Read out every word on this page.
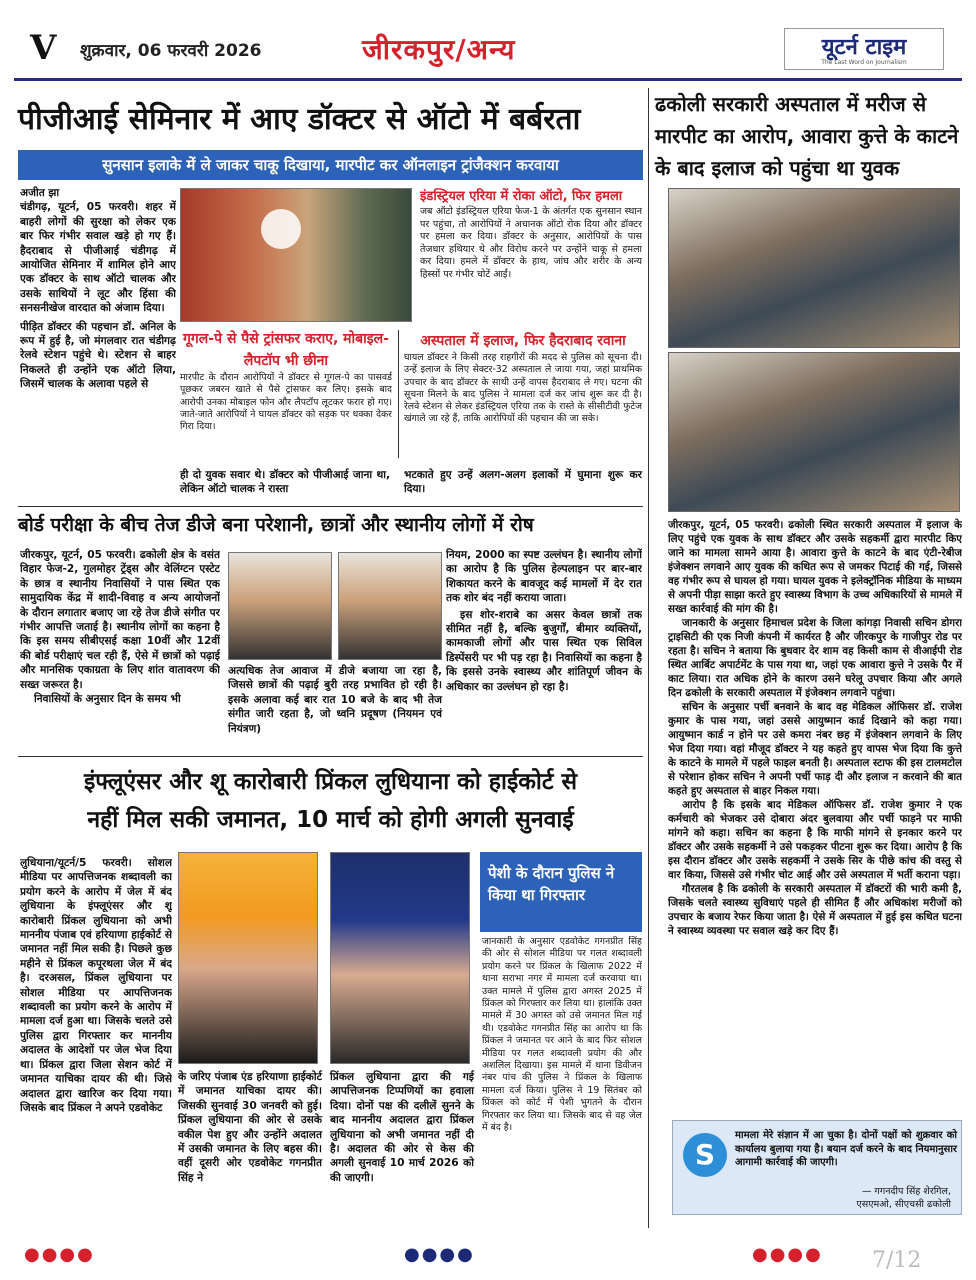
V शुक्रवार, 06 फरवरी 2026	जीरकपुर/अन्य	यूटर्न टाइम
The Last Word on Journalism
पीजीआई सेमिनार में आए डॉक्टर से ऑटो में बर्बरता
सुनसान इलाके में ले जाकर चाकू दिखाया, मारपीट कर ऑनलाइन ट्रांजैक्शन करवाया
अजीत झा
चंडीगढ़, यूटर्न, 05 फरवरी। शहर में बाहरी लोगों की सुरक्षा को लेकर एक बार फिर गंभीर सवाल खड़े हो गए हैं। हैदराबाद से पीजीआई चंडीगढ़ में आयोजित सेमिनार में शामिल होने आए एक डॉक्टर के साथ ऑटो चालक और उसके साथियों ने लूट और हिंसा की सनसनीखेज वारदात को अंजाम दिया।
पीड़ित डॉक्टर की पहचान डॉ. अनिल के रूप में हुई है, जो मंगलवार रात चंडीगढ़ रेलवे स्टेशन पहुंचे थे। स्टेशन से बाहर निकलते ही उन्होंने एक ऑटो लिया, जिसमें चालक के अलावा पहले से
इंडस्ट्रियल एरिया में रोका ऑटो, फिर हमला
जब ऑटो इंडस्ट्रियल एरिया फेज-1 के अंतर्गत एक सुनसान स्थान पर पहुंचा, तो आरोपियों ने अचानक ऑटो रोक दिया और डॉक्टर पर हमला कर दिया। डॉक्टर के अनुसार, आरोपियों के पास तेजधार हथियार थे और विरोध करने पर उन्होंने चाकू से हमला कर दिया। हमले में डॉक्टर के हाथ, जांघ और शरीर के अन्य हिस्सों पर गंभीर चोटें आईं।
गूगल-पे से पैसे ट्रांसफर कराए, मोबाइल-लैपटॉप भी छीना
मारपीट के दौरान आरोपियों ने डॉक्टर से गूगल-पे का पासवर्ड पूछकर जबरन खाते से पैसे ट्रांसफर कर लिए। इसके बाद आरोपी उनका मोबाइल फोन और लैपटॉप लूटकर फरार हो गए। जाते-जाते आरोपियों ने घायल डॉक्टर को सड़क पर धक्का देकर गिरा दिया।
अस्पताल में इलाज, फिर हैदराबाद रवाना
घायल डॉक्टर ने किसी तरह राहगीरों की मदद से पुलिस को सूचना दी। उन्हें इलाज के लिए सेक्टर-32 अस्पताल ले जाया गया, जहां प्राथमिक उपचार के बाद डॉक्टर के साथी उन्हें वापस हैदराबाद ले गए। घटना की सूचना मिलने के बाद पुलिस ने मामला दर्ज कर जांच शुरू कर दी है। रेलवे स्टेशन से लेकर इंडस्ट्रियल एरिया तक के रास्ते के सीसीटीवी फुटेज खंगाले जा रहे हैं, ताकि आरोपियों की पहचान की जा सके।
ही दो युवक सवार थे। डॉक्टर को पीजीआई जाना था, लेकिन ऑटो चालक ने रास्ता
भटकाते हुए उन्हें अलग-अलग इलाकों में घुमाना शुरू कर दिया।
बोर्ड परीक्षा के बीच तेज डीजे बना परेशानी, छात्रों और स्थानीय लोगों में रोष
जीरकपुर, यूटर्न, 05 फरवरी। ढकोली क्षेत्र के वसंत विहार फेज-2, गुलमोहर ट्रेंड्स और वेलिंग्टन एस्टेट के छात्र व स्थानीय निवासियों ने पास स्थित एक सामुदायिक केंद्र में शादी-विवाह व अन्य आयोजनों के दौरान लगातार बजाए जा रहे तेज डीजे संगीत पर गंभीर आपत्ति जताई है। स्थानीय लोगों का कहना है कि इस समय सीबीएसई कक्षा 10वीं और 12वीं की बोर्ड परीक्षाएं चल रही हैं, ऐसे में छात्रों को पढ़ाई और मानसिक एकाग्रता के लिए शांत वातावरण की सख्त जरूरत है।
निवासियों के अनुसार दिन के समय भी
अत्यधिक तेज आवाज में डीजे बजाया जा रहा है, जिससे छात्रों की पढ़ाई बुरी तरह प्रभावित हो रही है। इसके अलावा कई बार रात 10 बजे के बाद भी तेज संगीत जारी रहता है, जो ध्वनि प्रदूषण (नियमन एवं नियंत्रण)
नियम, 2000 का स्पष्ट उल्लंघन है। स्थानीय लोगों का आरोप है कि पुलिस हेल्पलाइन पर बार-बार शिकायत करने के बावजूद कई मामलों में देर रात तक शोर बंद नहीं कराया जाता।
इस शोर-शराबे का असर केवल छात्रों तक सीमित नहीं है, बल्कि बुजुर्गों, बीमार व्यक्तियों, कामकाजी लोगों और पास स्थित एक सिविल डिस्पेंसरी पर भी पड़ रहा है। निवासियों का कहना है कि इससे उनके स्वास्थ्य और शांतिपूर्ण जीवन के अधिकार का उल्लंघन हो रहा है।
इंफ्लूएंसर और शू कारोबारी प्रिंकल लुधियाना को हाईकोर्ट से
नहीं मिल सकी जमानत, 10 मार्च को होगी अगली सुनवाई
लुधियाना/यूटर्न/5 फरवरी। सोशल मीडिया पर आपत्तिजनक शब्दावली का प्रयोग करने के आरोप में जेल में बंद लुधियाना के इंफ्लूएंसर और शू कारोबारी प्रिंकल लुधियाना को अभी माननीय पंजाब एवं हरियाणा हाईकोर्ट से जमानत नहीं मिल सकी है। पिछले कुछ महीने से प्रिंकल कपूरथला जेल में बंद है। दरअसल, प्रिंकल लुधियाना पर सोशल मीडिया पर आपत्तिजनक शब्दावली का प्रयोग करने के आरोप में मामला दर्ज हुआ था। जिसके चलते उसे पुलिस द्वारा गिरफ्तार कर माननीय अदालत के आदेशों पर जेल भेज दिया था। प्रिंकल द्वारा जिला सेशन कोर्ट में जमानत याचिका दायर की थी। जिसे अदालत द्वारा खारिज कर दिया गया। जिसके बाद प्रिंकल ने अपने एडवोकेट
के जरिए पंजाब एंड हरियाणा हाईकोर्ट में जमानत याचिका दायर की। जिसकी सुनवाई 30 जनवरी को हुई। प्रिंकल लुधियाना की ओर से उसके वकील पेश हुए और उन्होंने अदालत में उसकी जमानत के लिए बहस की। वहीं दूसरी ओर एडवोकेट गगनप्रीत सिंह ने
प्रिंकल लुधियाना द्वारा की गई आपत्तिजनक टिप्पणियों का हवाला दिया। दोनों पक्ष की दलीलें सुनने के बाद माननीय अदालत द्वारा प्रिंकल लुधियाना को अभी जमानत नहीं दी है। अदालत की ओर से केस की अगली सुनवाई 10 मार्च 2026 को की जाएगी।
पेशी के दौरान पुलिस ने किया था गिरफ्तार
जानकारी के अनुसार एडवोकेट गगनप्रीत सिंह की ओर से सोशल मीडिया पर गलत शब्दावली प्रयोग करने पर प्रिंकल के खिलाफ 2022 में थाना सराभा नगर में मामला दर्ज करवाया था। उक्त मामले में पुलिस द्वारा अगस्त 2025 में प्रिंकल को गिरफ्तार कर लिया था। हालांकि उक्त मामले में 30 अगस्त को उसे जमानत मिल गई थी। एडवोकेट गगनप्रीत सिंह का आरोप था कि प्रिंकल ने जमानत पर आने के बाद फिर सोशल मीडिया पर गलत शब्दावली प्रयोग की और अशलिल दिखाया। इस मामले में थाना डिवीजन नंबर पांच की पुलिस ने प्रिंकल के खिलाफ मामला दर्ज किया। पुलिस ने 19 सितंबर को प्रिंकल को कोर्ट में पेशी भुगतने के दौरान गिरफ्तार कर लिया था। जिसके बाद से वह जेल में बंद है।
ढकोली सरकारी अस्पताल में मरीज से मारपीट का आरोप, आवारा कुत्ते के काटने के बाद इलाज को पहुंचा था युवक
जीरकपुर, यूटर्न, 05 फरवरी। ढकोली स्थित सरकारी अस्पताल में इलाज के लिए पहुंचे एक युवक के साथ डॉक्टर और उसके सहकर्मी द्वारा मारपीट किए जाने का मामला सामने आया है। आवारा कुत्ते के काटने के बाद एंटी-रेबीज इंजेक्शन लगवाने आए युवक की कथित रूप से जमकर पिटाई की गई, जिससे वह गंभीर रूप से घायल हो गया। घायल युवक ने इलेक्ट्रॉनिक मीडिया के माध्यम से अपनी पीड़ा साझा करते हुए स्वास्थ्य विभाग के उच्च अधिकारियों से मामले में सख्त कार्रवाई की मांग की है।
जानकारी के अनुसार हिमाचल प्रदेश के जिला कांगड़ा निवासी सचिन डोगरा ट्राइसिटी की एक निजी कंपनी में कार्यरत है और जीरकपुर के गाजीपुर रोड पर रहता है। सचिन ने बताया कि बुधवार देर शाम वह किसी काम से वीआईपी रोड स्थित आर्बिट अपार्टमेंट के पास गया था, जहां एक आवारा कुत्ते ने उसके पैर में काट लिया। रात अधिक होने के कारण उसने घरेलू उपचार किया और अगले दिन ढकोली के सरकारी अस्पताल में इंजेक्शन लगवाने पहुंचा।
सचिन के अनुसार पर्ची बनवाने के बाद वह मेडिकल ऑफिसर डॉ. राजेश कुमार के पास गया, जहां उससे आयुष्मान कार्ड दिखाने को कहा गया। आयुष्मान कार्ड न होने पर उसे कमरा नंबर छह में इंजेक्शन लगवाने के लिए भेज दिया गया। वहां मौजूद डॉक्टर ने यह कहते हुए वापस भेज दिया कि कुत्ते के काटने के मामले में पहले फाइल बनती है। अस्पताल स्टाफ की इस टालमटोल से परेशान होकर सचिन ने अपनी पर्ची फाड़ दी और इलाज न करवाने की बात कहते हुए अस्पताल से बाहर निकल गया।
आरोप है कि इसके बाद मेडिकल ऑफिसर डॉ. राजेश कुमार ने एक कर्मचारी को भेजकर उसे दोबारा अंदर बुलवाया और पर्ची फाड़ने पर माफी मांगने को कहा। सचिन का कहना है कि माफी मांगने से इनकार करने पर डॉक्टर और उसके सहकर्मी ने उसे पकड़कर पीटना शुरू कर दिया। आरोप है कि इस दौरान डॉक्टर और उसके सहकर्मी ने उसके सिर के पीछे कांच की वस्तु से वार किया, जिससे उसे गंभीर चोट आई और उसे अस्पताल में भर्ती कराना पड़ा।
गौरतलब है कि ढकोली के सरकारी अस्पताल में डॉक्टरों की भारी कमी है, जिसके चलते स्वास्थ्य सुविधाएं पहले ही सीमित हैं और अधिकांश मरीजों को उपचार के बजाय रेफर किया जाता है। ऐसे में अस्पताल में हुई इस कथित घटना ने स्वास्थ्य व्यवस्था पर सवाल खड़े कर दिए हैं।
S
मामला मेरे संज्ञान में आ चुका है। दोनों पक्षों को शुक्रवार को कार्यालय बुलाया गया है। बयान दर्ज करने के बाद नियमानुसार आगामी कार्रवाई की जाएगी।
— गगनदीप सिंह शेरगिल,
एसएमओ, सीएचसी ढकोली
●●●●	●●●●	●●●● 7/12
